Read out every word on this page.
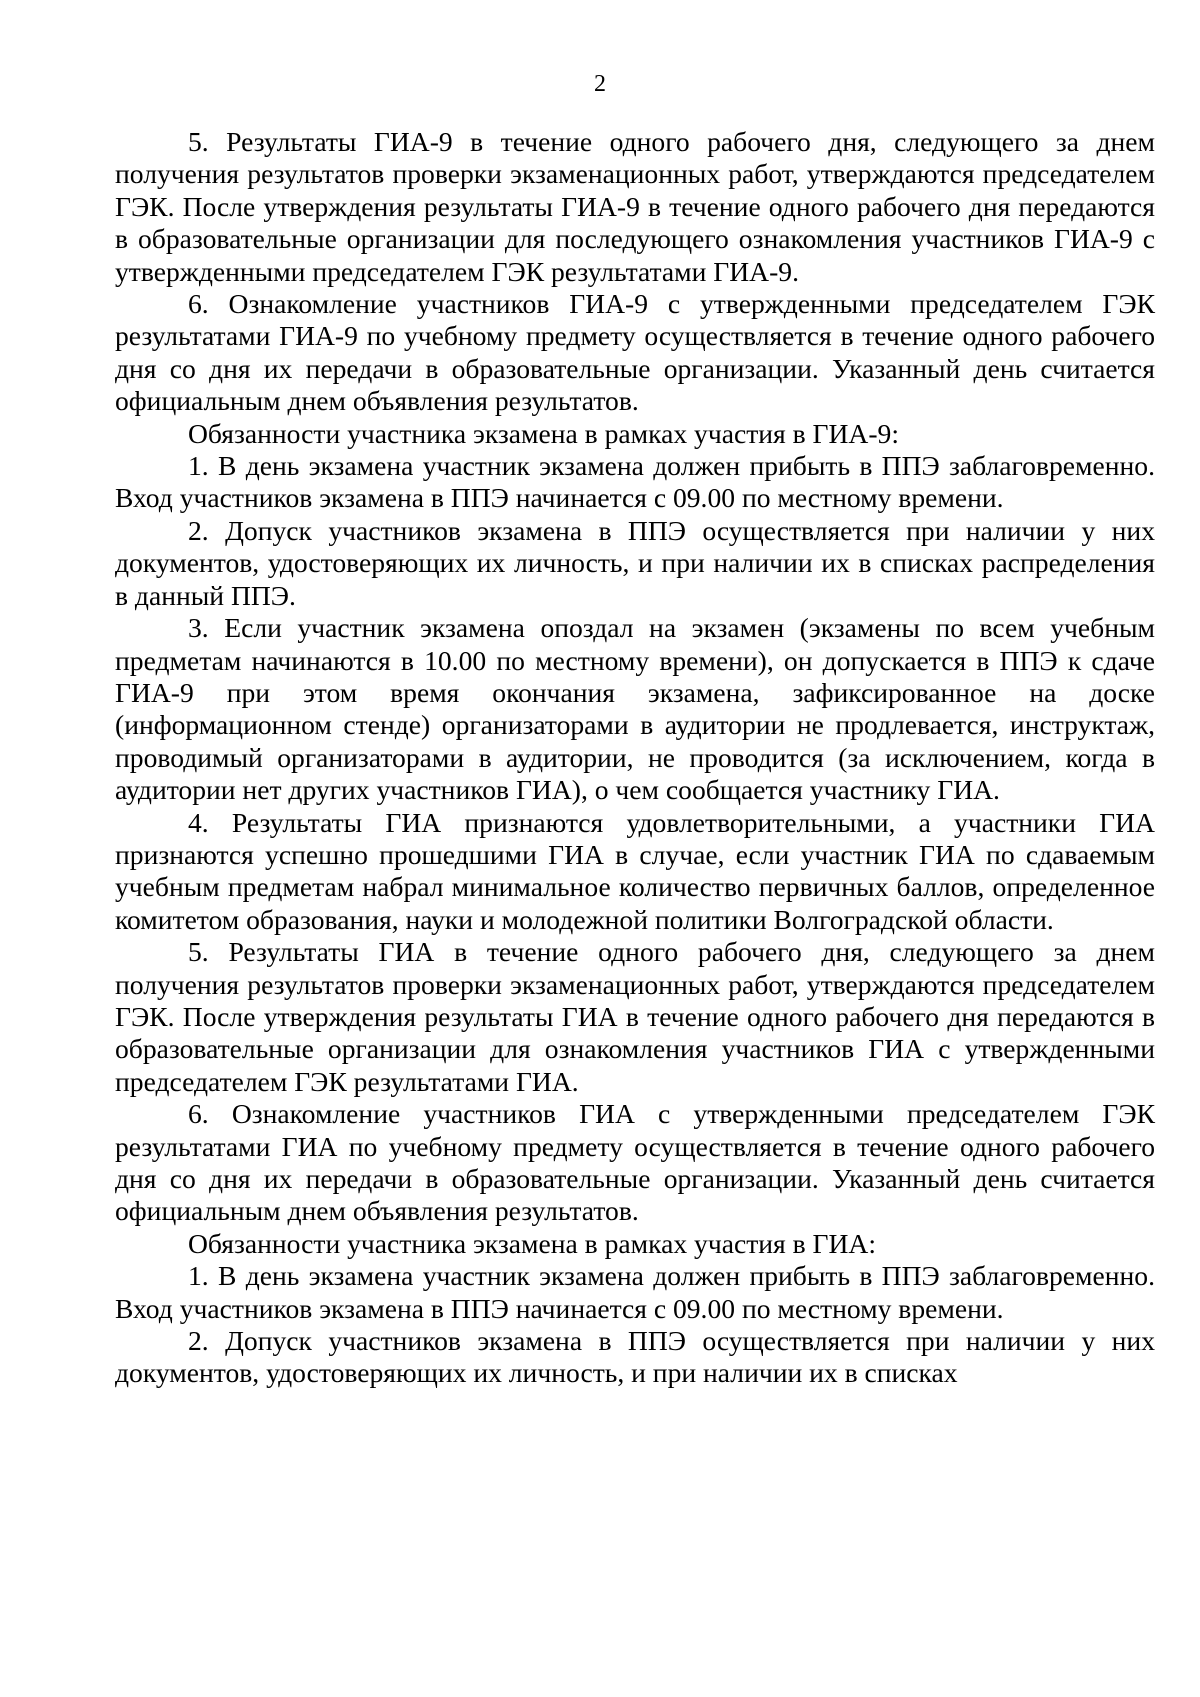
2

5. Результаты ГИА-9 в течение одного рабочего дня, следующего за днем получения результатов проверки экзаменационных работ, утверждаются председателем ГЭК. После утверждения результаты ГИА-9 в течение одного рабочего дня передаются в образовательные организации для последующего ознакомления участников ГИА-9 с утвержденными председателем ГЭК результатами ГИА-9.

6. Ознакомление участников ГИА-9 с утвержденными председателем ГЭК результатами ГИА-9 по учебному предмету осуществляется в течение одного рабочего дня со дня их передачи в образовательные организации. Указанный день считается официальным днем объявления результатов.

Обязанности участника экзамена в рамках участия в ГИА-9:

1. В день экзамена участник экзамена должен прибыть в ППЭ заблаговременно. Вход участников экзамена в ППЭ начинается с 09.00 по местному времени.

2. Допуск участников экзамена в ППЭ осуществляется при наличии у них документов, удостоверяющих их личность, и при наличии их в списках распределения в данный ППЭ.

3. Если участник экзамена опоздал на экзамен (экзамены по всем учебным предметам начинаются в 10.00 по местному времени), он допускается в ППЭ к сдаче ГИА-9 при этом время окончания экзамена, зафиксированное на доске (информационном стенде) организаторами в аудитории не продлевается, инструктаж, проводимый организаторами в аудитории, не проводится (за исключением, когда в аудитории нет других участников ГИА), о чем сообщается участнику ГИА.

4. Результаты ГИА признаются удовлетворительными, а участники ГИА признаются успешно прошедшими ГИА в случае, если участник ГИА по сдаваемым учебным предметам набрал минимальное количество первичных баллов, определенное комитетом образования, науки и молодежной политики Волгоградской области.

5. Результаты ГИА в течение одного рабочего дня, следующего за днем получения результатов проверки экзаменационных работ, утверждаются председателем ГЭК. После утверждения результаты ГИА в течение одного рабочего дня передаются в образовательные организации для ознакомления участников ГИА с утвержденными председателем ГЭК результатами ГИА.

6. Ознакомление участников ГИА с утвержденными председателем ГЭК результатами ГИА по учебному предмету осуществляется в течение одного рабочего дня со дня их передачи в образовательные организации. Указанный день считается официальным днем объявления результатов.

Обязанности участника экзамена в рамках участия в ГИА:

1. В день экзамена участник экзамена должен прибыть в ППЭ заблаговременно. Вход участников экзамена в ППЭ начинается с 09.00 по местному времени.

2. Допуск участников экзамена в ППЭ осуществляется при наличии у них документов, удостоверяющих их личность, и при наличии их в списках
